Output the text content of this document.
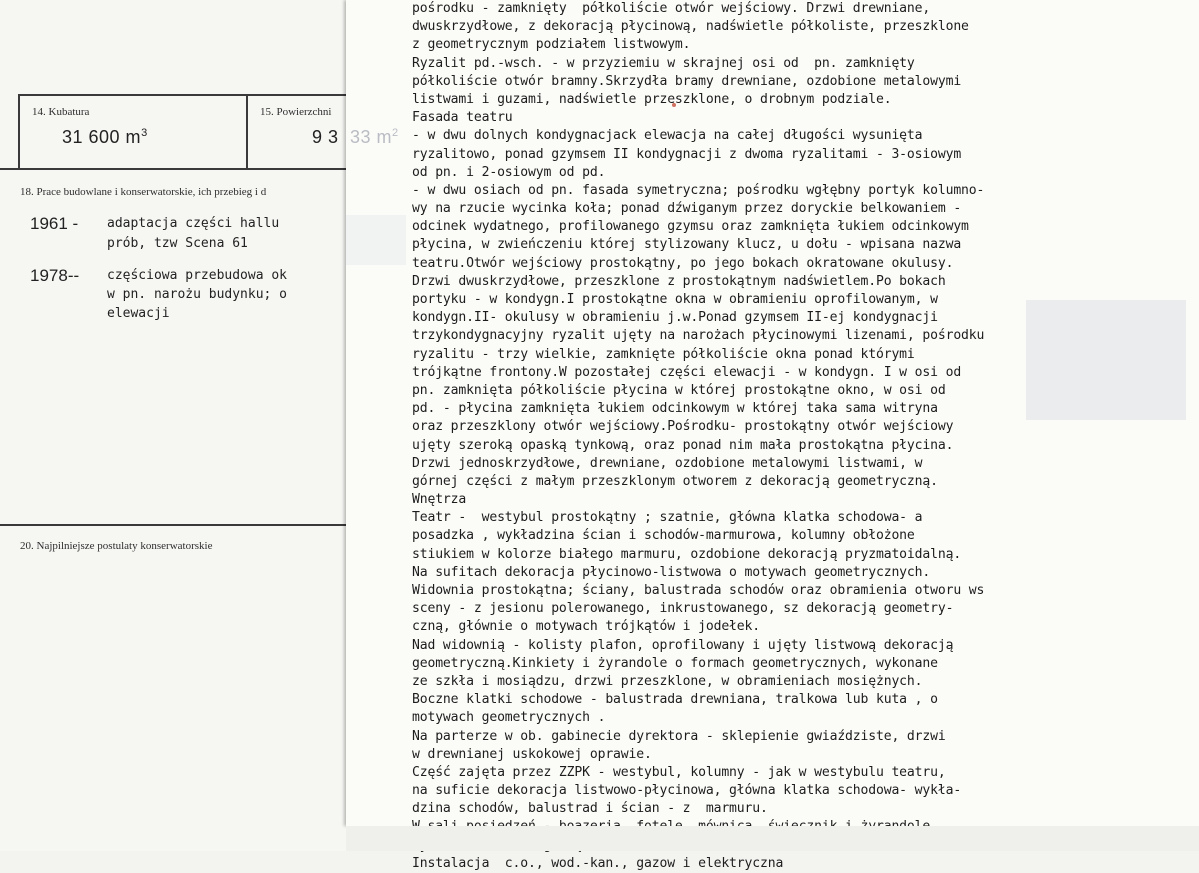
14. Kubatura
31 600 $m^3$
15. Powierzchni
9 3
18. Prace budowlane i konserwatorskie, ich przebieg i d
1961 - adaptacja części hallu
prób, tzw Scena 61
1978-- częściowa przebudowa ok
w pn. narożu budynku; o
elewacji
20. Najpilniejsze postulaty konserwatorskie
33 $m^2$
pośrodku - zamknięty  półkoliście otwór wejściowy. Drzwi drewniane,
dwuskrzydłowe, z dekoracją płycinową, nadświetle półkoliste, przeszklone
z geometrycznym podziałem listwowym.
Ryzalit pd.-wsch. - w przyziemiu w skrajnej osi od  pn. zamknięty
półkoliście otwór bramny.Skrzydła bramy drewniane, ozdobione metalowymi
listwami i guzami, nadświetle przeszklone, o drobnym podziale.
Fasada teatru
- w dwu dolnych kondygnacjack elewacja na całej długości wysunięta
ryzalitowo, ponad gzymsem II kondygnacji z dwoma ryzalitami - 3-osiowym
od pn. i 2-osiowym od pd.
- w dwu osiach od pn. fasada symetryczna; pośrodku wgłębny portyk kolumno-
wy na rzucie wycinka koła; ponad dźwiganym przez doryckie belkowaniem -
odcinek wydatnego, profilowanego gzymsu oraz zamknięta łukiem odcinkowym
płycina, w zwieńczeniu której stylizowany klucz, u dołu - wpisana nazwa
teatru.Otwór wejściowy prostokątny, po jego bokach okratowane okulusy.
Drzwi dwuskrzydłowe, przeszklone z prostokątnym nadświetlem.Po bokach
portyku - w kondygn.I prostokątne okna w obramieniu oprofilowanym, w
kondygn.II- okulusy w obramieniu j.w.Ponad gzymsem II-ej kondygnacji
trzykondygnacyjny ryzalit ujęty na narożach płycinowymi lizenami, pośrodku
ryzalitu - trzy wielkie, zamknięte półkoliście okna ponad którymi
trójkątne frontony.W pozostałej części elewacji - w kondygn. I w osi od
pn. zamknięta półkoliście płycina w której prostokątne okno, w osi od
pd. - płycina zamknięta łukiem odcinkowym w której taka sama witryna
oraz przeszklony otwór wejściowy.Pośrodku- prostokątny otwór wejściowy
ujęty szeroką opaską tynkową, oraz ponad nim mała prostokątna płycina.
Drzwi jednoskrzydłowe, drewniane, ozdobione metalowymi listwami, w
górnej części z małym przeszklonym otworem z dekoracją geometryczną.
Wnętrza
Teatr -  westybul prostokątny ; szatnie, główna klatka schodowa- a
posadzka , wykładzina ścian i schodów-marmurowa, kolumny obłożone
stiukiem w kolorze białego marmuru, ozdobione dekoracją pryzmatoidalną.
Na sufitach dekoracja płycinowo-listwowa o motywach geometrycznych.
Widownia prostokątna; ściany, balustrada schodów oraz obramienia otworu ws
sceny - z jesionu polerowanego, inkrustowanego, sz dekoracją geometry-
czną, głównie o motywach trójkątów i jodełek.
Nad widownią - kolisty plafon, oprofilowany i ujęty listwową dekoracją
geometryczną.Kinkiety i żyrandole o formach geometrycznych, wykonane
ze szkła i mosiądzu, drzwi przeszklone, w obramieniach mosiężnych.
Boczne klatki schodowe - balustrada drewniana, tralkowa lub kuta , o
motywach geometrycznych .
Na parterze w ob. gabinecie dyrektora - sklepienie gwiaździste, drzwi
w drewnianej uskokowej oprawie.
Część zajęta przez ZZPK - westybul, kolumny - jak w westybulu teatru,
na suficie dekoracja listwowo-płycinowa, główna klatka schodowa- wykła-
dzina schodów, balustrad i ścian - z  marmuru.
Instalacja  c.o., wod.-kan., gazow i elektryczna
